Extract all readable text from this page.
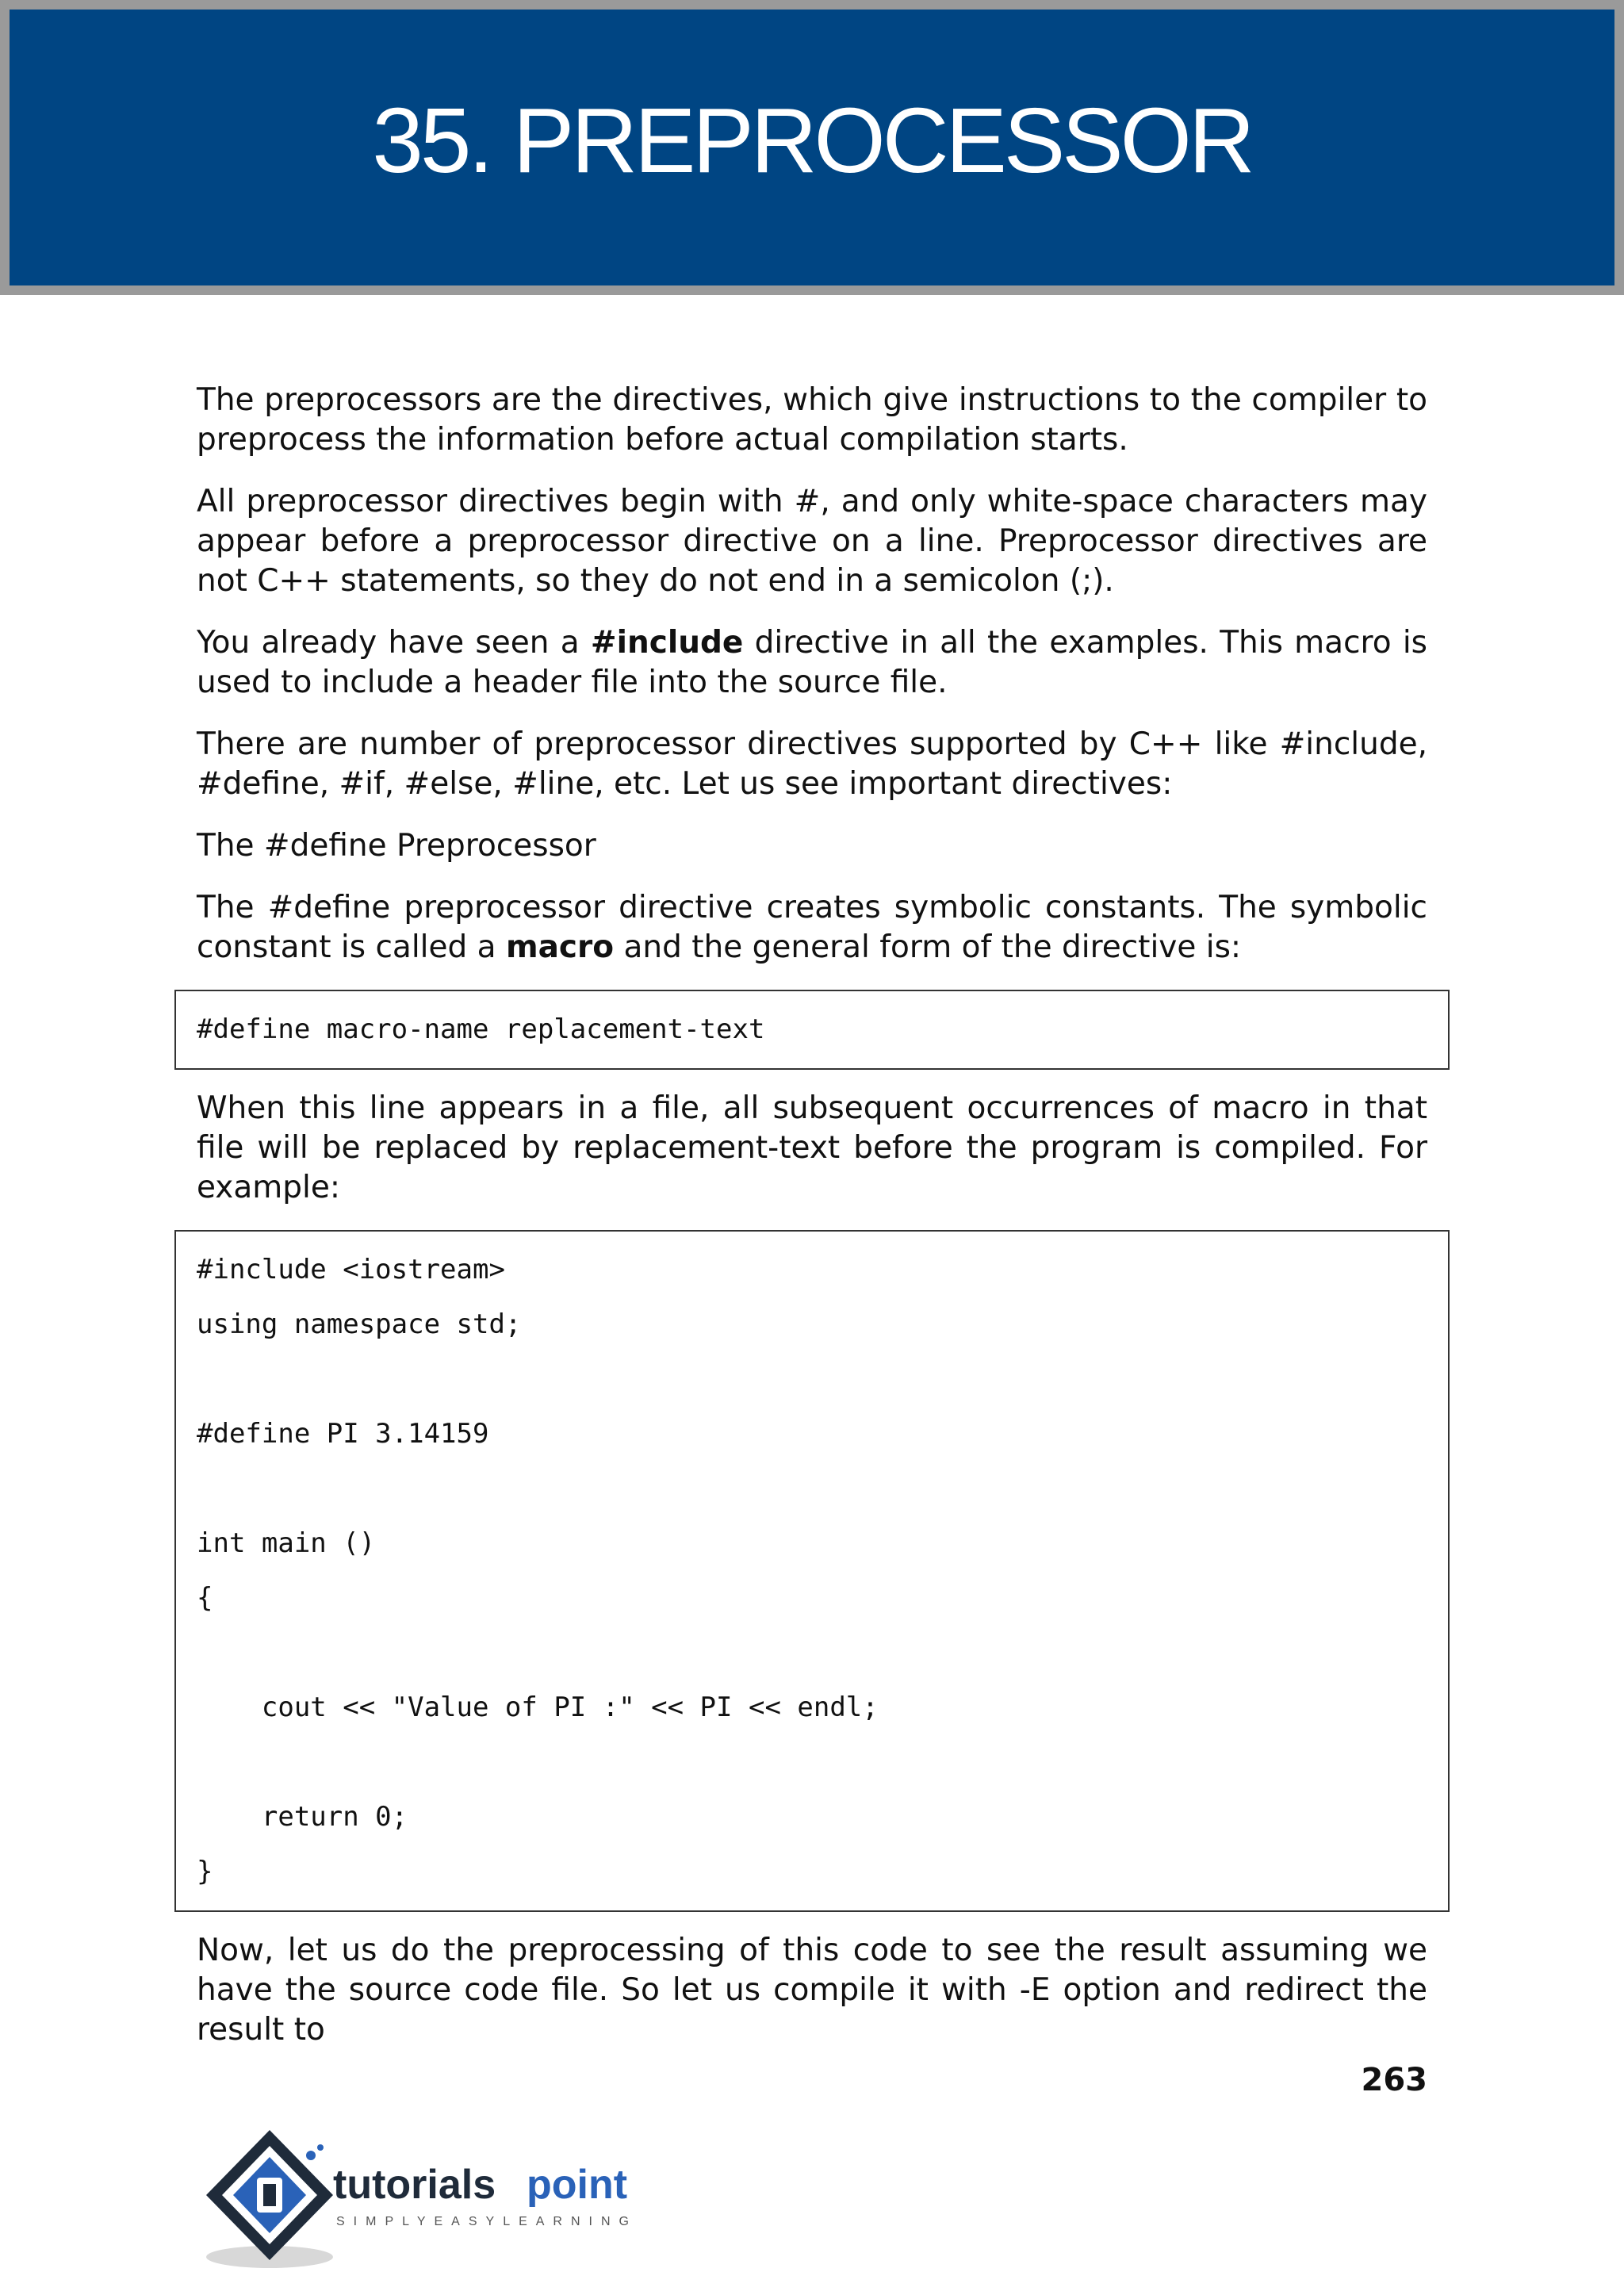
35. PREPROCESSOR

The preprocessors are the directives, which give instructions to the compiler to preprocess the information before actual compilation starts.

All preprocessor directives begin with #, and only white-space characters may appear before a preprocessor directive on a line. Preprocessor directives are not C++ statements, so they do not end in a semicolon (;).

You already have seen a #include directive in all the examples. This macro is used to include a header file into the source file.

There are number of preprocessor directives supported by C++ like #include, #define, #if, #else, #line, etc. Let us see important directives:

The #define Preprocessor

The #define preprocessor directive creates symbolic constants. The symbolic constant is called a macro and the general form of the directive is:

#define macro-name replacement-text

When this line appears in a file, all subsequent occurrences of macro in that file will be replaced by replacement-text before the program is compiled. For example:

#include <iostream>
using namespace std;
#define PI 3.14159
int main ()
{
cout << "Value of PI :" << PI << endl;
return 0;
}

Now, let us do the preprocessing of this code to see the result assuming we have the source code file. So let us compile it with -E option and redirect the result to

263
tutorials point
SIMPLYEASYLEARNING
